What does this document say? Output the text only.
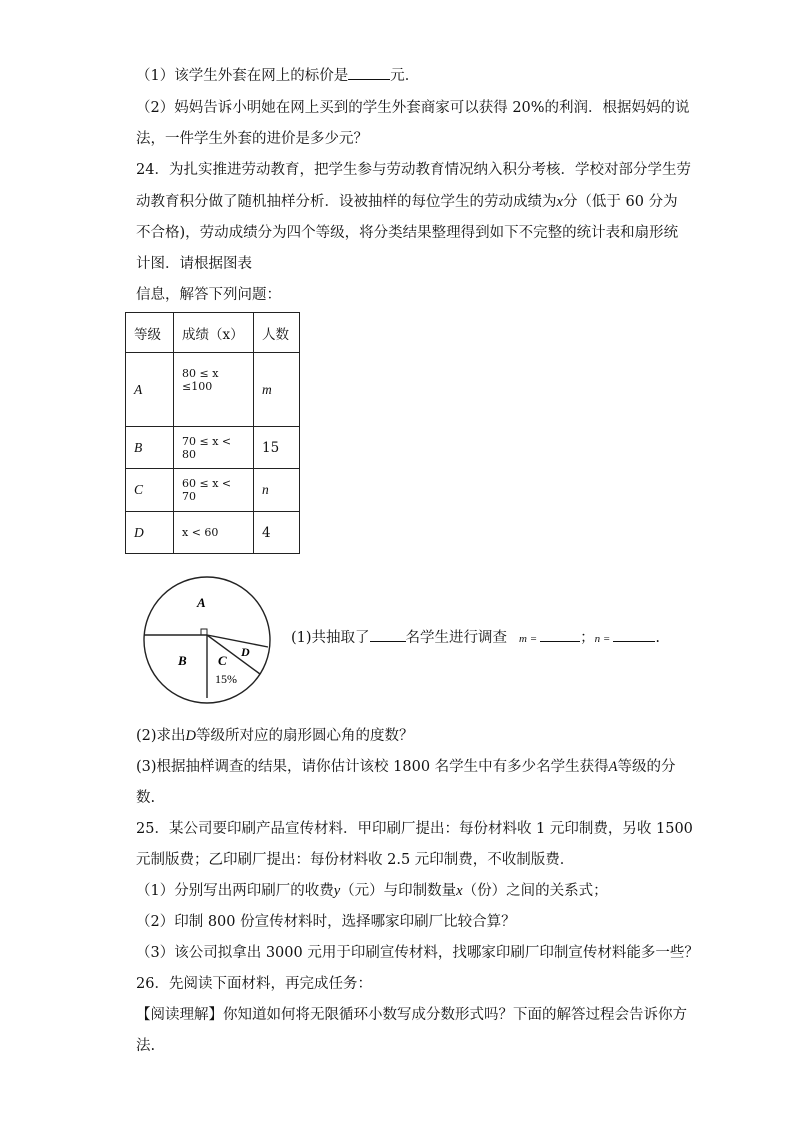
（1）该学生外套在网上的标价是	元．
（2）妈妈告诉小明她在网上买到的学生外套商家可以获得 20%的利润．根据妈妈的说
法，一件学生外套的进价是多少元？
24．为扎实推进劳动教育，把学生参与劳动教育情况纳入积分考核．学校对部分学生劳
动教育积分做了随机抽样分析．设被抽样的每位学生的劳动成绩为x分（低于 60 分为
不合格)，劳动成绩分为四个等级，将分类结果整理得到如下不完整的统计表和扇形统
计图．请根据图表
信息，解答下列问题：
等级	成绩（x）	人数
A	80 ≤ x ≤100	m
B	70 ≤ x < 80	15
C	60 ≤ x < 70	n
D	x < 60	4
A
B C
D
15%
(1)共抽取了 名学生进行调查 m =	；n =	.
(2)求出D等级所对应的扇形圆心角的度数？
(3)根据抽样调查的结果，请你估计该校 1800 名学生中有多少名学生获得A等级的分
数.
25．某公司要印刷产品宣传材料．甲印刷厂提出：每份材料收 1 元印制费，另收 1500
元制版费；乙印刷厂提出：每份材料收 2.5 元印制费，不收制版费．
（1）分别写出两印刷厂的收费y（元）与印制数量x（份）之间的关系式；
（2）印制 800 份宣传材料时，选择哪家印刷厂比较合算？
（3）该公司拟拿出 3000 元用于印刷宣传材料，找哪家印刷厂印制宣传材料能多一些？
26．先阅读下面材料，再完成任务：
【阅读理解】你知道如何将无限循环小数写成分数形式吗？下面的解答过程会告诉你方
法.
